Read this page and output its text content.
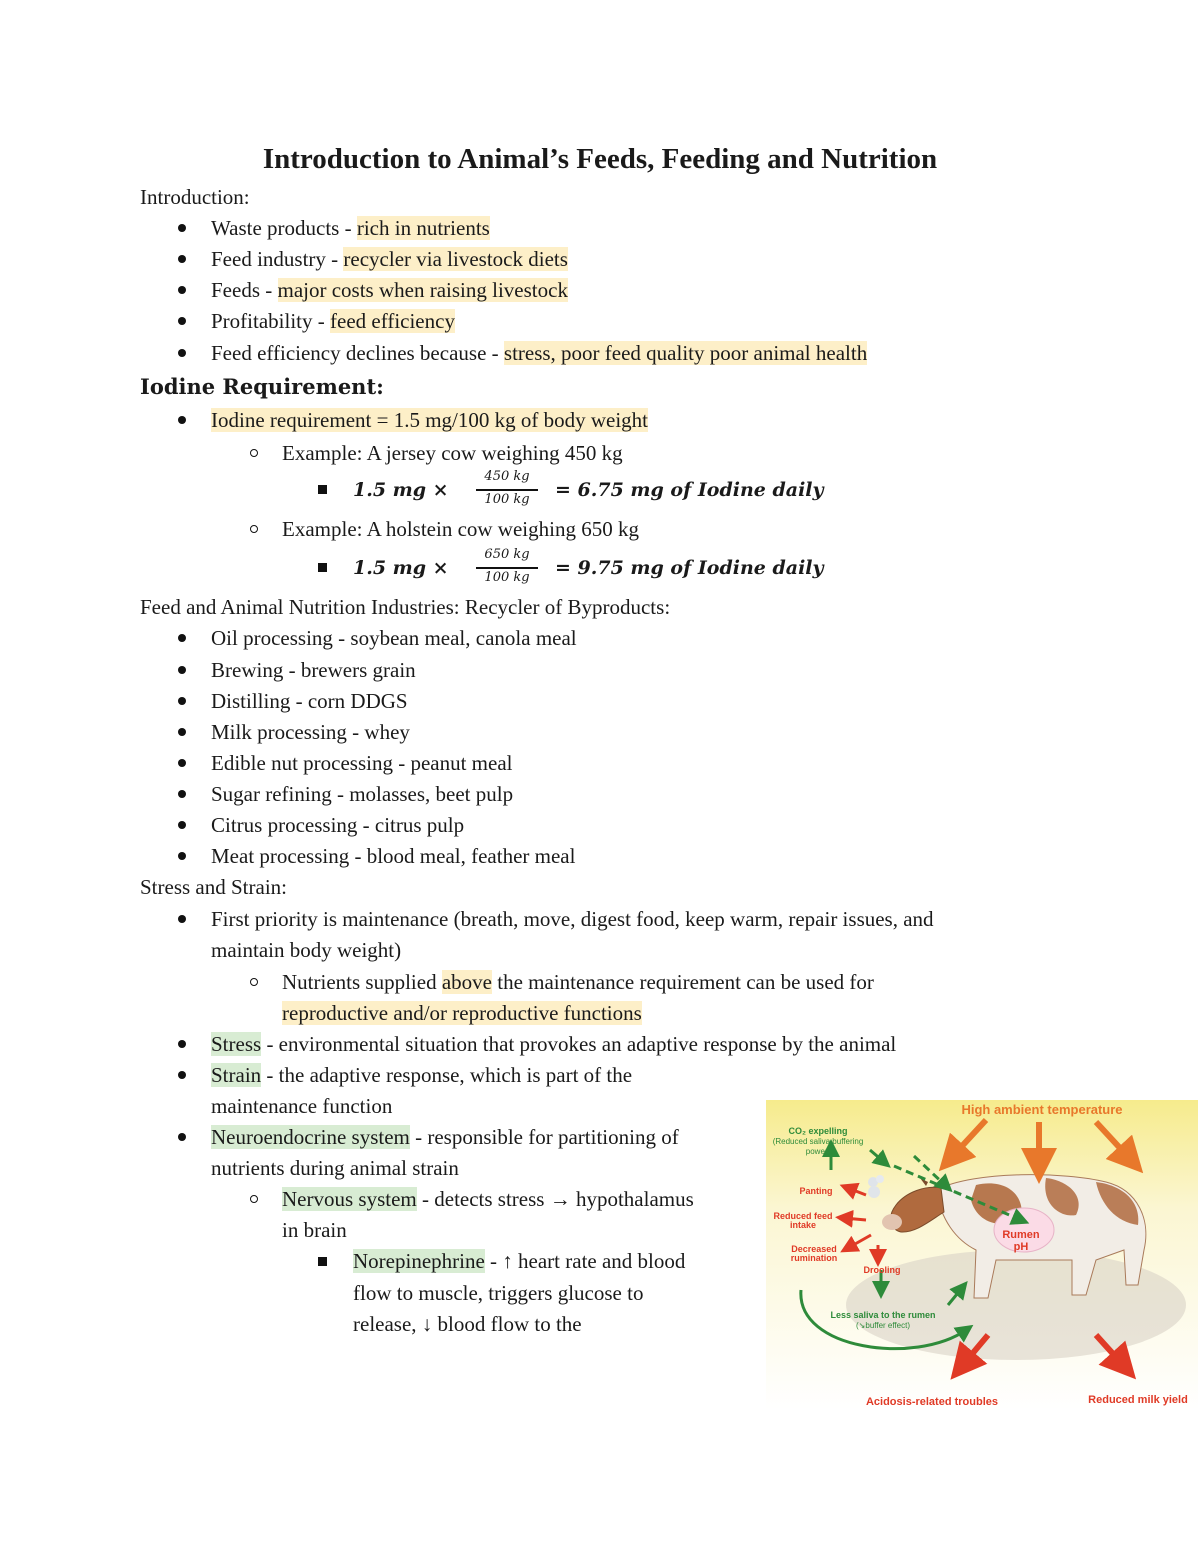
Introduction to Animal’s Feeds, Feeding and Nutrition
Introduction:
Waste products - rich in nutrients
Feed industry - recycler via livestock diets
Feeds - major costs when raising livestock
Profitability - feed efficiency
Feed efficiency declines because - stress, poor feed quality poor animal health
Iodine Requirement:
Iodine requirement = 1.5 mg/100 kg of body weight
Example: A jersey cow weighing 450 kg
1.5 mg ×
450 kg
100 kg	= 6.75 mg of Iodine daily
Example: A holstein cow weighing 650 kg
1.5 mg ×
650 kg
100 kg	= 9.75 mg of Iodine daily
Feed and Animal Nutrition Industries: Recycler of Byproducts:
Oil processing - soybean meal, canola meal
Brewing - brewers grain
Distilling - corn DDGS
Milk processing - whey
Edible nut processing - peanut meal
Sugar refining - molasses, beet pulp
Citrus processing - citrus pulp
Meat processing - blood meal, feather meal
Stress and Strain:
First priority is maintenance (breath, move, digest food, keep warm, repair issues, and
maintain body weight)
Nutrients supplied above the maintenance requirement can be used for
reproductive and/or reproductive functions
Stress - environmental situation that provokes an adaptive response by the animal
Strain - the adaptive response, which is part of the
maintenance function
Neuroendocrine system - responsible for partitioning of
nutrients during animal strain
Nervous system - detects stress → hypothalamus
in brain
Norepinephrine - ↑ heart rate and blood
flow to muscle, triggers glucose to
release, ↓ blood flow to the
High ambient temperature
CO₂ expelling
(Reduced saliva buffering
power)
Panting
Reduced feed
intake
Decreased
rumination
Drooling
Rumen
pH
Less saliva to the rumen
(↘buffer effect)
Acidosis-related troubles	Reduced milk yield
